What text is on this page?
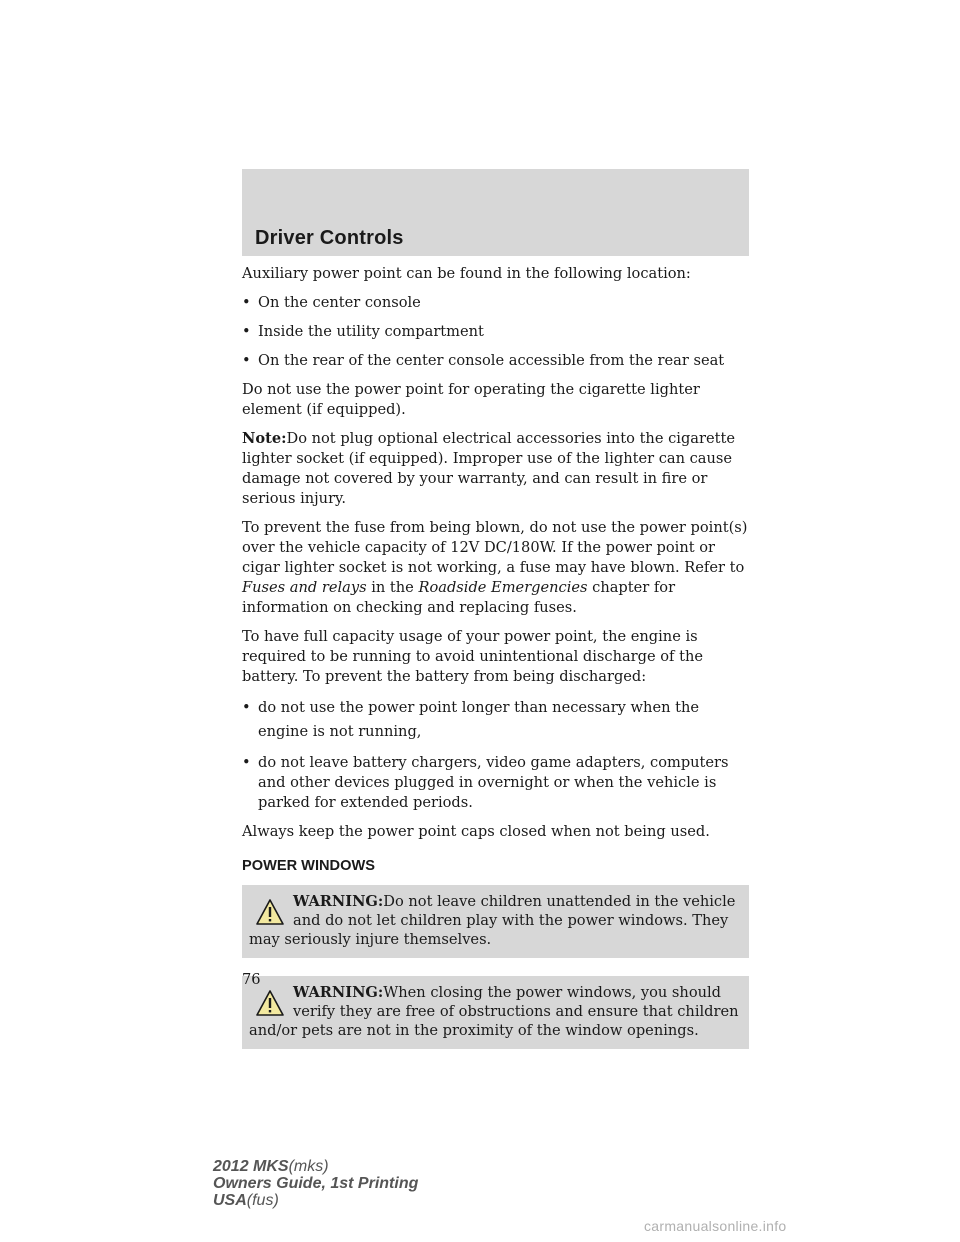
Driver Controls

Auxiliary power point can be found in the following location:

• On the center console
• Inside the utility compartment
• On the rear of the center console accessible from the rear seat

Do not use the power point for operating the cigarette lighter element (if equipped).

Note:Do not plug optional electrical accessories into the cigarette lighter socket (if equipped). Improper use of the lighter can cause damage not covered by your warranty, and can result in fire or serious injury.

To prevent the fuse from being blown, do not use the power point(s) over the vehicle capacity of 12V DC/180W. If the power point or cigar lighter socket is not working, a fuse may have blown. Refer to Fuses and relays in the Roadside Emergencies chapter for information on checking and replacing fuses.

To have full capacity usage of your power point, the engine is required to be running to avoid unintentional discharge of the battery. To prevent the battery from being discharged:

• do not use the power point longer than necessary when the engine is not running,
• do not leave battery chargers, video game adapters, computers and other devices plugged in overnight or when the vehicle is parked for extended periods.

Always keep the power point caps closed when not being used.

POWER WINDOWS
WARNING:Do not leave children unattended in the vehicle and do not let children play with the power windows. They may seriously injure themselves.
WARNING:When closing the power windows, you should verify they are free of obstructions and ensure that children and/or pets are not in the proximity of the window openings.
76
2012 MKS(mks)
Owners Guide, 1st Printing
USA(fus)
carmanualsonline.info
